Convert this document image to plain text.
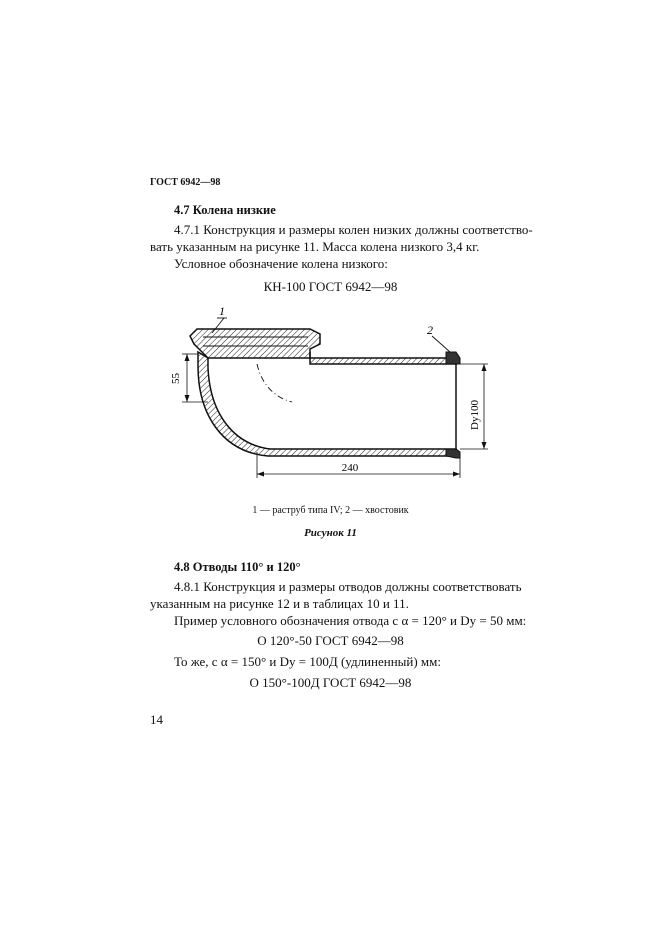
ГОСТ 6942—98
4.7 Колена низкие
4.7.1 Конструкция и размеры колен низких должны соответство-
вать указанным на рисунке 11. Масса колена низкого 3,4 кг.
Условное обозначение колена низкого:
КН-100 ГОСТ 6942—98
1
2
55
Dу100
240
1 — раструб типа IV; 2 — хвостовик
Рисунок 11
4.8 Отводы 110° и 120°
4.8.1 Конструкция и размеры отводов должны соответствовать
указанным на рисунке 12 и в таблицах 10 и 11.
Пример условного обозначения отвода с α = 120° и Dу = 50 мм:
О 120°-50 ГОСТ 6942—98
То же, с α = 150° и Dу = 100Д (удлиненный) мм:
О 150°-100Д ГОСТ 6942—98
14
